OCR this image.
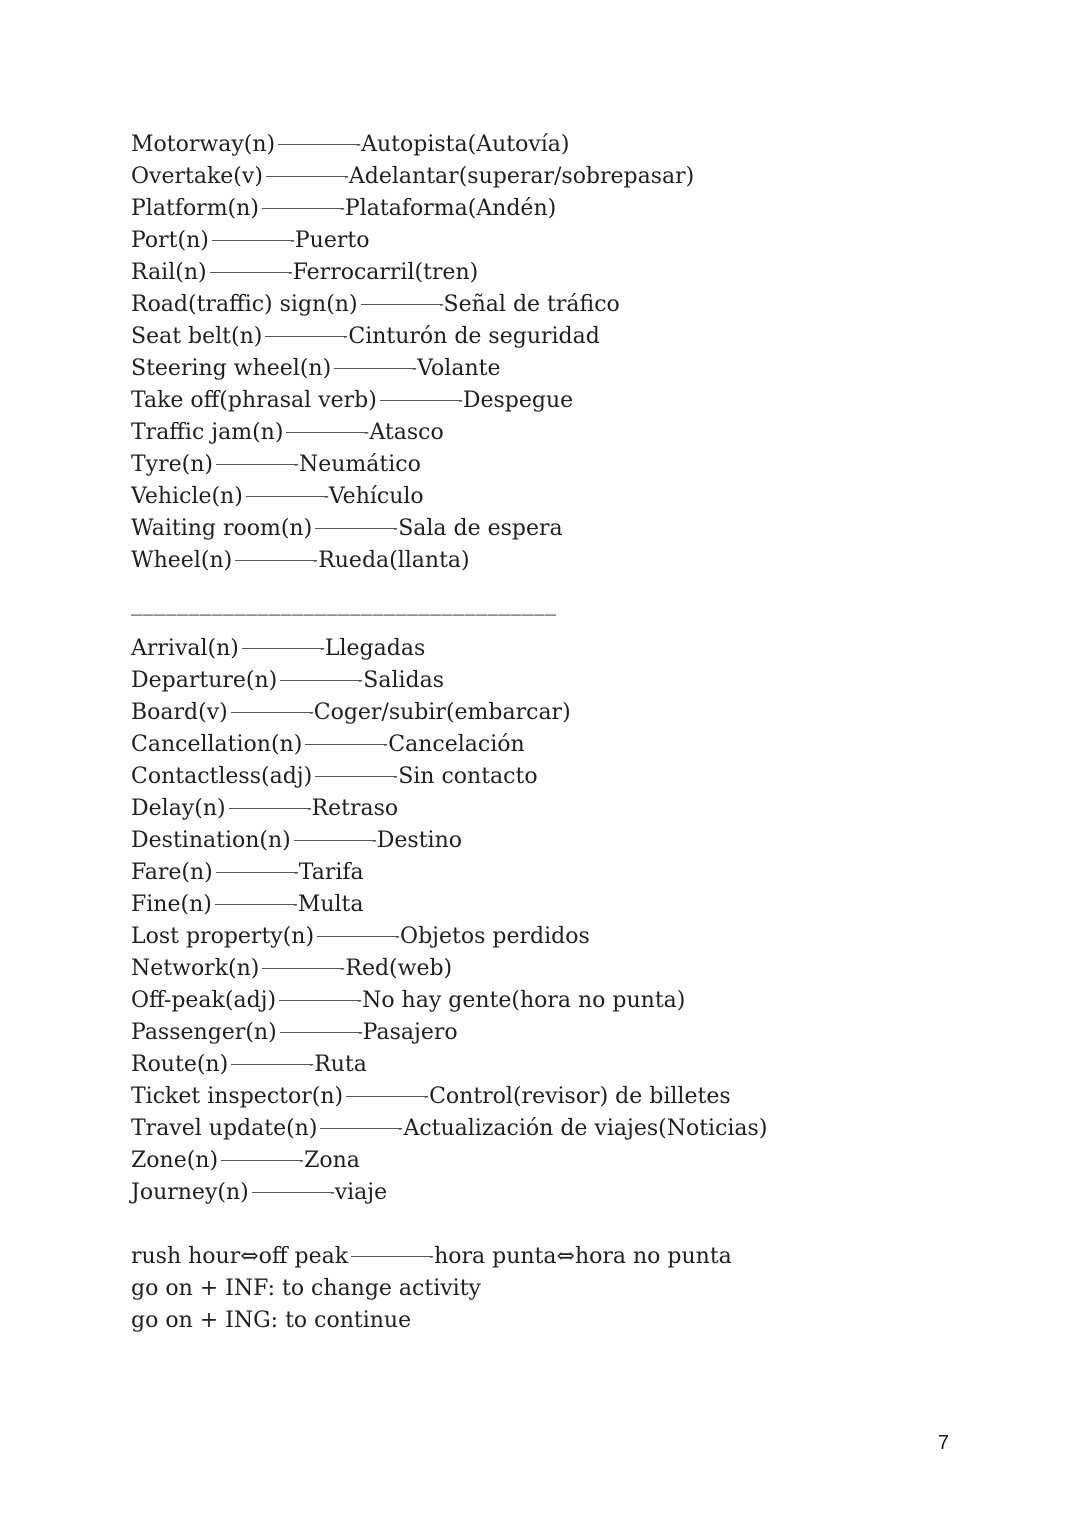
Motorway(n)	Autopista(Autovía)
Overtake(v)	Adelantar(superar/sobrepasar)
Platform(n)	Plataforma(Andén)
Port(n)	Puerto
Rail(n)	Ferrocarril(tren)
Road(traffic) sign(n)	Señal de tráfico
Seat belt(n)	Cinturón de seguridad
Steering wheel(n)	Volante
Take off(phrasal verb)	Despegue
Traffic jam(n)	Atasco
Tyre(n)	Neumático
Vehicle(n)	Vehículo
Waiting room(n)	Sala de espera
Wheel(n)	Rueda(llanta)
_____________________________________
Arrival(n)	Llegadas
Departure(n)	Salidas
Board(v)	Coger/subir(embarcar)
Cancellation(n)	Cancelación
Contactless(adj)	Sin contacto
Delay(n)	Retraso
Destination(n)	Destino
Fare(n)	Tarifa
Fine(n)	Multa
Lost property(n)	Objetos perdidos
Network(n)	Red(web)
Off-peak(adj)	No hay gente(hora no punta)
Passenger(n)	Pasajero
Route(n)	Ruta
Ticket inspector(n)	Control(revisor) de billetes
Travel update(n)	Actualización de viajes(Noticias)
Zone(n)	Zona
Journey(n)	viaje
rush hour⇔off peak	hora punta⇔hora no punta
go on + INF: to change activity
go on + ING: to continue
7
